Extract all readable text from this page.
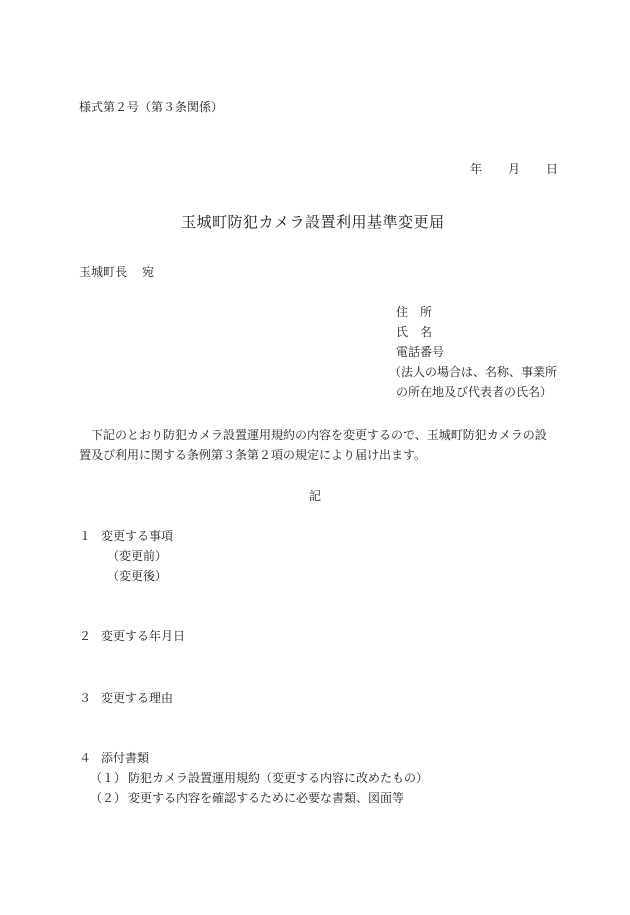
様式第２号（第３条関係）
年 月 日
玉城町防犯カメラ設置利用基準変更届
玉城町長 宛
住 所
氏 名
電話番号
（法人の場合は、名称、事業所
の所在地及び代表者の氏名）

下記のとおり防犯カメラ設置運用規約の内容を変更するので、玉城町防犯カメラの設

置及び利用に関する条例第３条第２項の規定により届け出ます。

記
１ 変更する事項
（変更前）
（変更後）
２ 変更する年月日
３ 変更する理由
４ 添付書類
（１） 防犯カメラ設置運用規約（変更する内容に改めたもの）
（２） 変更する内容を確認するために必要な書類、図面等
